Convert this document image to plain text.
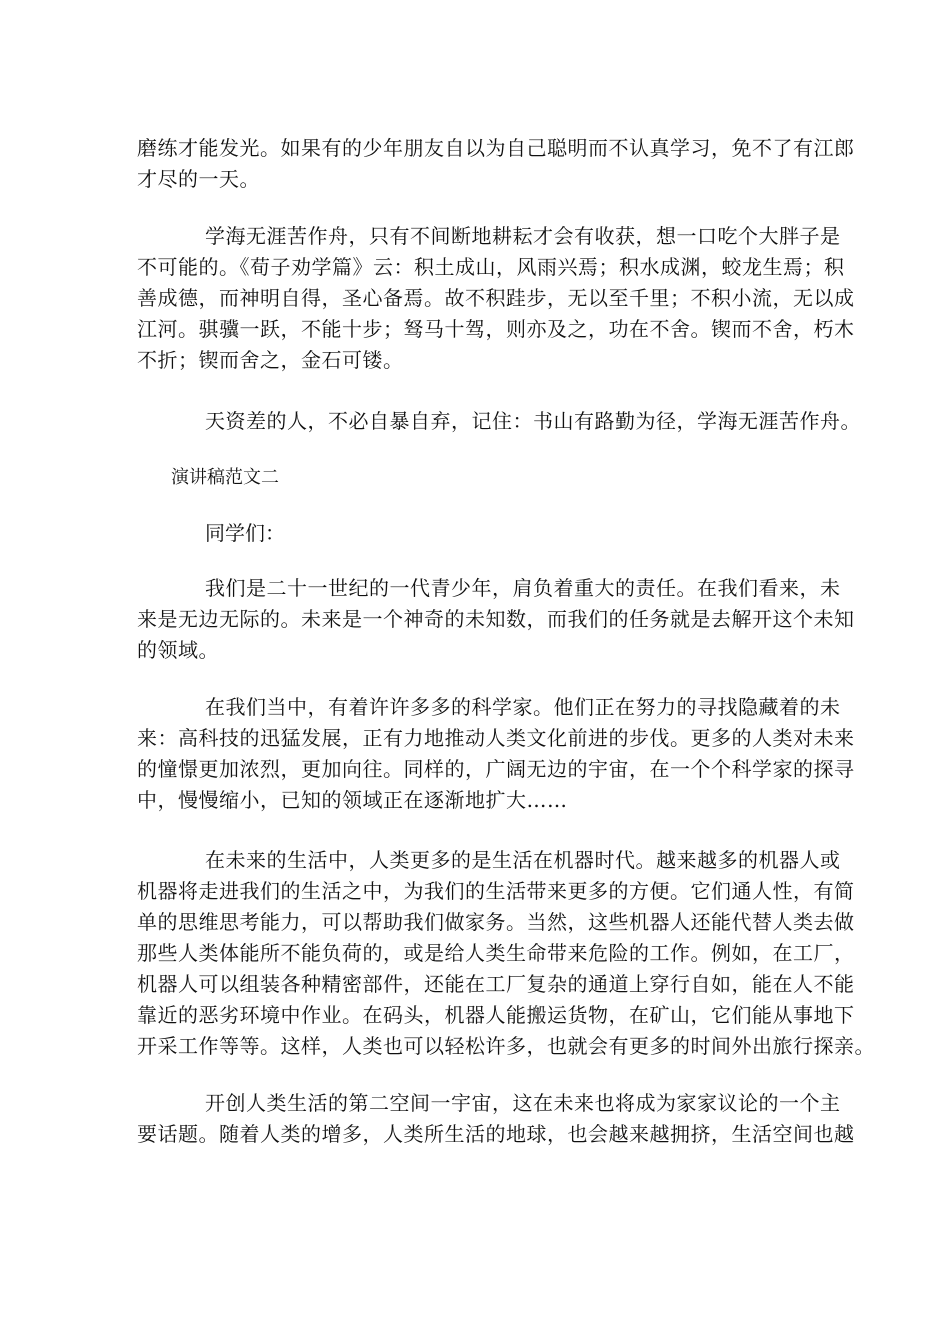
磨练才能发光。如果有的少年朋友自以为自己聪明而不认真学习，免不了有江郎
才尽的一天。

学海无涯苦作舟，只有不间断地耕耘才会有收获，想一口吃个大胖子是
不可能的。《荀子劝学篇》云：积土成山，风雨兴焉；积水成渊，蛟龙生焉；积
善成德，而神明自得，圣心备焉。故不积跬步，无以至千里；不积小流，无以成
江河。骐骥一跃，不能十步；驽马十驾，则亦及之，功在不舍。锲而不舍，朽木
不折；锲而舍之，金石可镂。

天资差的人，不必自暴自弃，记住：书山有路勤为径，学海无涯苦作舟。

演讲稿范文二

同学们：

我们是二十一世纪的一代青少年，肩负着重大的责任。在我们看来，未
来是无边无际的。未来是一个神奇的未知数，而我们的任务就是去解开这个未知
的领域。

在我们当中，有着许许多多的科学家。他们正在努力的寻找隐藏着的未
来：高科技的迅猛发展，正有力地推动人类文化前进的步伐。更多的人类对未来
的憧憬更加浓烈，更加向往。同样的，广阔无边的宇宙，在一个个科学家的探寻
中，慢慢缩小，已知的领域正在逐渐地扩大……

在未来的生活中，人类更多的是生活在机器时代。越来越多的机器人或
机器将走进我们的生活之中，为我们的生活带来更多的方便。它们通人性，有简
单的思维思考能力，可以帮助我们做家务。当然，这些机器人还能代替人类去做
那些人类体能所不能负荷的，或是给人类生命带来危险的工作。例如，在工厂，
机器人可以组装各种精密部件，还能在工厂复杂的通道上穿行自如，能在人不能
靠近的恶劣环境中作业。在码头，机器人能搬运货物，在矿山，它们能从事地下
开采工作等等。这样，人类也可以轻松许多，也就会有更多的时间外出旅行探亲。

开创人类生活的第二空间一宇宙，这在未来也将成为家家议论的一个主
要话题。随着人类的增多，人类所生活的地球，也会越来越拥挤，生活空间也越
